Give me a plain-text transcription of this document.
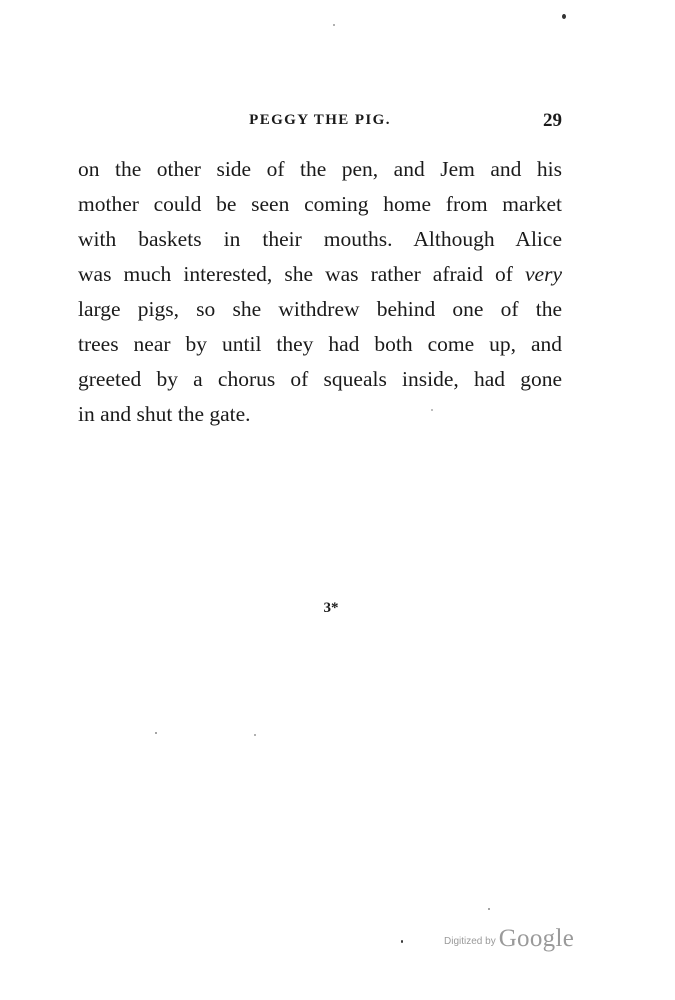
PEGGY THE PIG.	29
on the other side of the pen, and Jem and his
mother could be seen coming home from market
with baskets in their mouths. Although Alice
was much interested, she was rather afraid of very
large pigs, so she withdrew behind one of the
trees near by until they had both come up, and
greeted by a chorus of squeals inside, had gone
in and shut the gate.
3*
Digitized by Google
